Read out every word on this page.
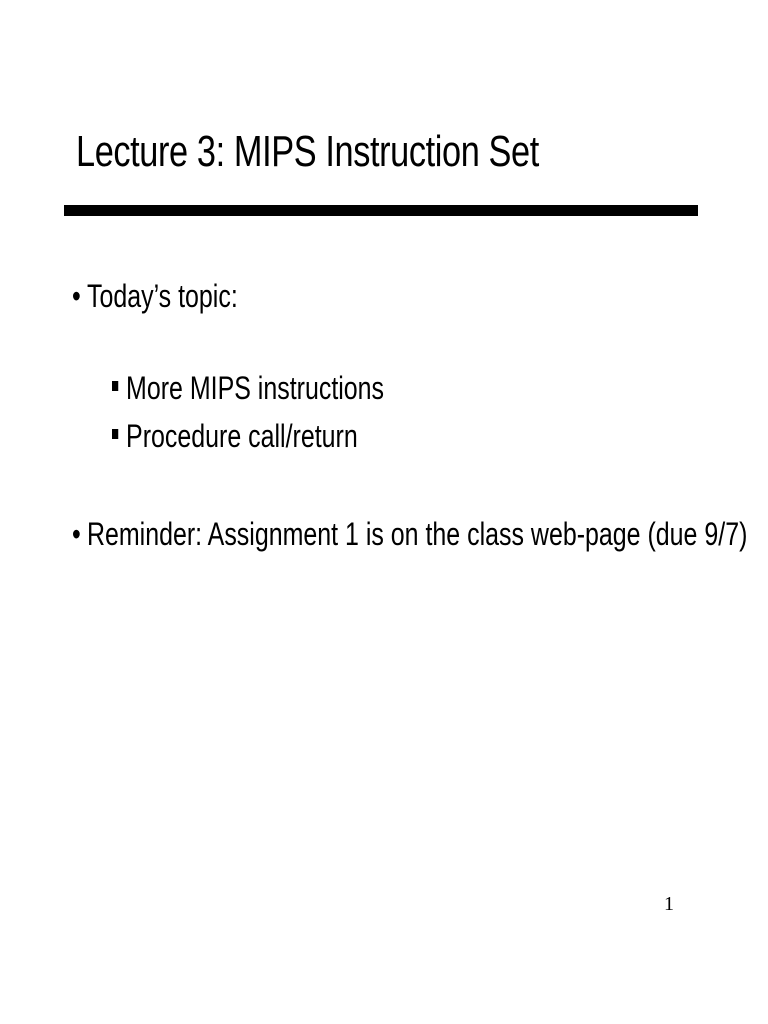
Lecture 3: MIPS Instruction Set
• Today’s topic:
More MIPS instructions
Procedure call/return
• Reminder: Assignment 1 is on the class web-page (due 9/7)
1
